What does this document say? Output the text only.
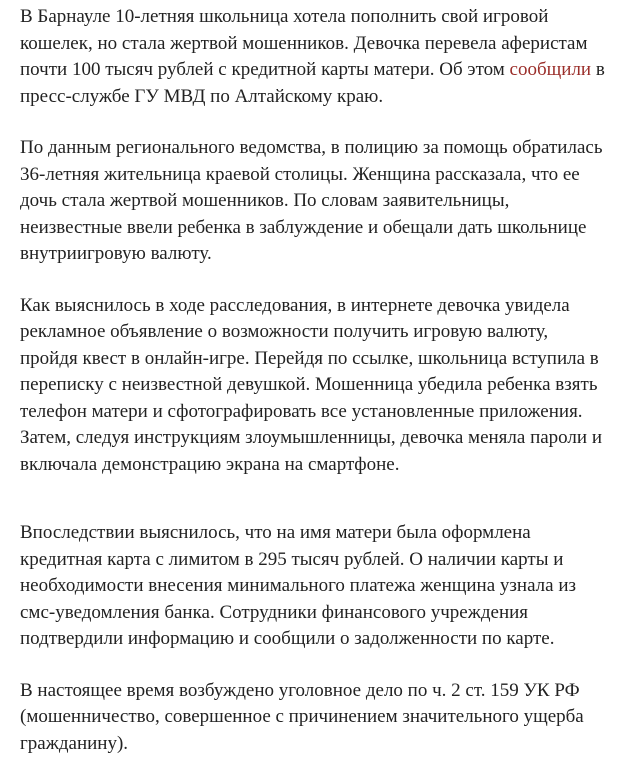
В Барнауле 10-летняя школьница хотела пополнить свой игровой кошелек, но стала жертвой мошенников. Девочка перевела аферистам почти 100 тысяч рублей с кредитной карты матери. Об этом сообщили в пресс-службе ГУ МВД по Алтайскому краю.

По данным регионального ведомства, в полицию за помощь обратилась 36-летняя жительница краевой столицы. Женщина рассказала, что ее дочь стала жертвой мошенников. По словам заявительницы, неизвестные ввели ребенка в заблуждение и обещали дать школьнице внутриигровую валюту.

Как выяснилось в ходе расследования, в интернете девочка увидела рекламное объявление о возможности получить игровую валюту, пройдя квест в онлайн-игре. Перейдя по ссылке, школьница вступила в переписку с неизвестной девушкой. Мошенница убедила ребенка взять телефон матери и сфотографировать все установленные приложения. Затем, следуя инструкциям злоумышленницы, девочка меняла пароли и включала демонстрацию экрана на смартфоне.

Впоследствии выяснилось, что на имя матери была оформлена кредитная карта с лимитом в 295 тысяч рублей. О наличии карты и необходимости внесения минимального платежа женщина узнала из смс-уведомления банка. Сотрудники финансового учреждения подтвердили информацию и сообщили о задолженности по карте.

В настоящее время возбуждено уголовное дело по ч. 2 ст. 159 УК РФ (мошенничество, совершенное с причинением значительного ущерба гражданину).
